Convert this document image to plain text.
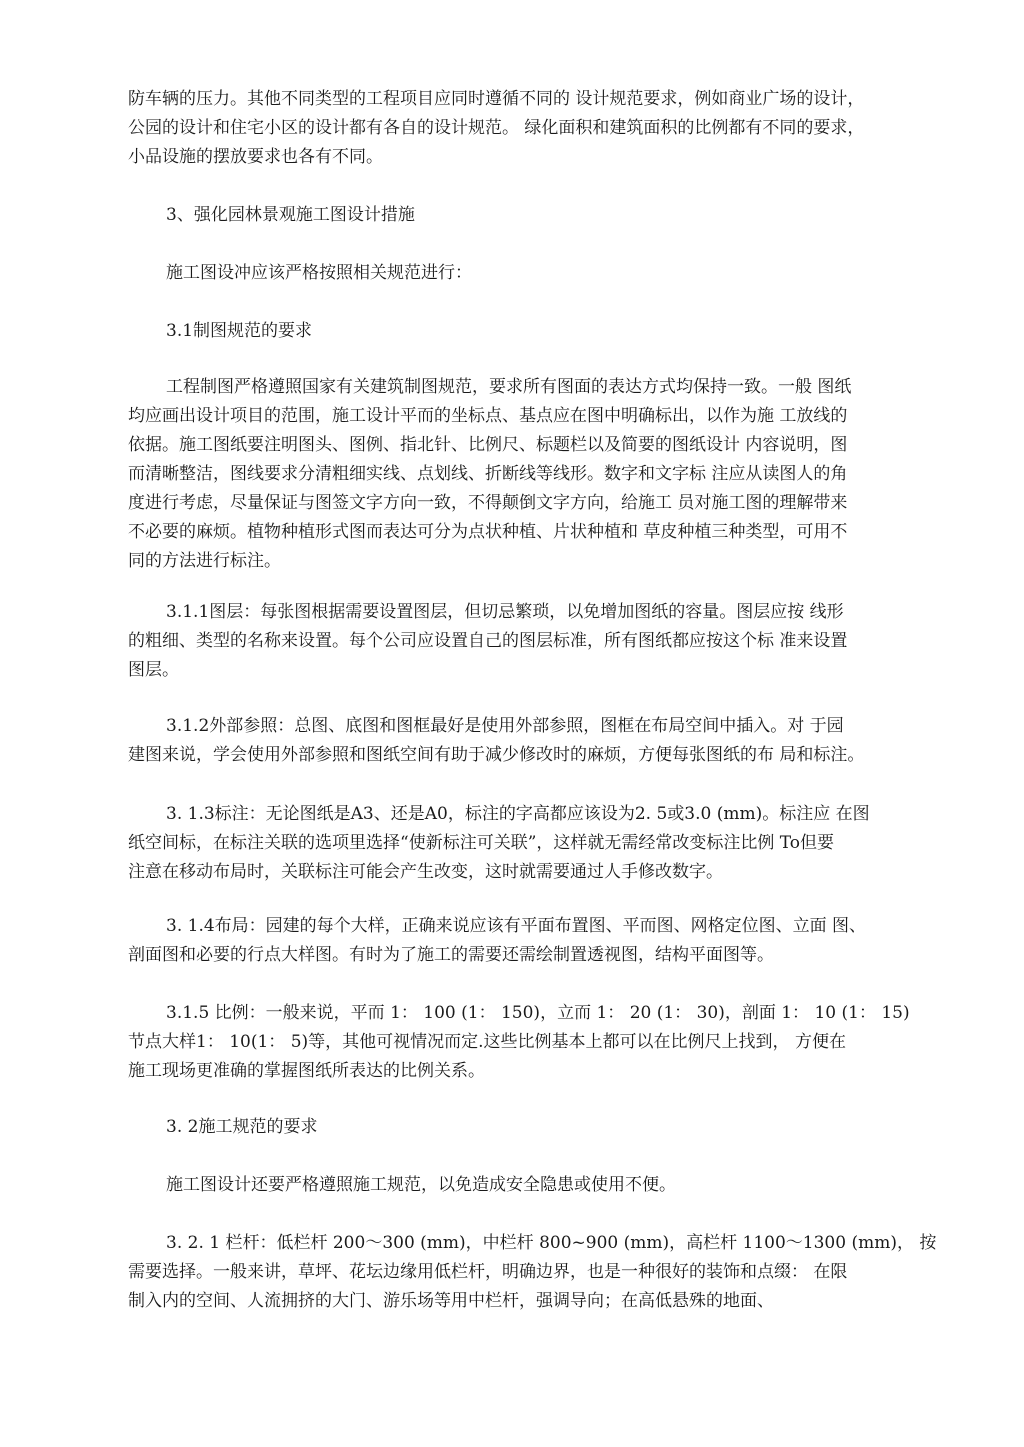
防车辆的压力。其他不同类型的工程项目应同时遵循不同的 设计规范要求，例如商业广场的设计，
公园的设计和住宅小区的设计都有各自的设计规范。 绿化面积和建筑面积的比例都有不同的要求，
小品设施的摆放要求也各有不同。
3、强化园林景观施工图设计措施
施工图设冲应该严格按照相关规范进行：
3.1制图规范的要求
工程制图严格遵照国家有关建筑制图规范，要求所有图面的表达方式均保持一致。一般 图纸
均应画出设计项目的范围，施工设计平而的坐标点、基点应在图中明确标出，以作为施 工放线的
依据。施工图纸要注明图头、图例、指北针、比例尺、标题栏以及简要的图纸设计 内容说明，图
而清晰整洁，图线要求分清粗细实线、点划线、折断线等线形。数字和文字标 注应从读图人的角
度进行考虑，尽量保证与图签文字方向一致，不得颠倒文字方向，给施工 员对施工图的理解带来
不必要的麻烦。植物种植形式图而表达可分为点状种植、片状种植和 草皮种植三种类型，可用不
同的方法进行标注。
3.1.1图层：每张图根据需要设置图层，但切忌繁琐，以免增加图纸的容量。图层应按 线形
的粗细、类型的名称来设置。每个公司应设置自己的图层标准，所有图纸都应按这个标 准来设置
图层。
3.1.2外部参照：总图、底图和图框最好是使用外部参照，图框在布局空间中插入。对 于园
建图来说，学会使用外部参照和图纸空间有助于减少修改时的麻烦，方便每张图纸的布 局和标注。
3. 1.3标注：无论图纸是A3、还是A0，标注的字高都应该设为2. 5或3.0 (mm)。标注应 在图
纸空间标，在标注关联的选项里选择“使新标注可关联”，这样就无需经常改变标注比例 To但要
注意在移动布局时，关联标注可能会产生改变，这时就需要通过人手修改数字。
3. 1.4布局：园建的每个大样，正确来说应该有平面布置图、平而图、网格定位图、立面 图、
剖面图和必要的行点大样图。有时为了施工的需要还需绘制置透视图，结构平面图等。
3.1.5 比例：一般来说，平而 1： 100 (1： 150)，立而 1： 20 (1： 30)，剖面 1： 10 (1： 15)
节点大样1： 10(1： 5)等，其他可视情况而定.这些比例基本上都可以在比例尺上找到， 方便在
施工现场更准确的掌握图纸所表达的比例关系。
3. 2施工规范的要求
施工图设计还要严格遵照施工规范，以免造成安全隐患或使用不便。
3. 2. 1 栏杆：低栏杆 200～300 (mm)，中栏杆 800~900 (mm)，高栏杆 1100～1300 (mm)， 按
需要选择。一般来讲，草坪、花坛边缘用低栏杆，明确边界，也是一种很好的装饰和点缀： 在限
制入内的空间、人流拥挤的大门、游乐场等用中栏杆，强调导向；在高低悬殊的地面、
